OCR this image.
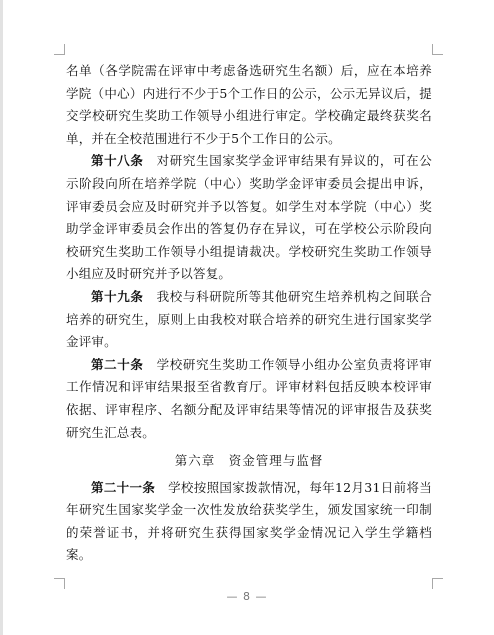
名单（各学院需在评审中考虑备选研究生名额）后，应在本培养学院（中心）内进行不少于5个工作日的公示，公示无异议后，提交学校研究生奖助工作领导小组进行审定。学校确定最终获奖名单，并在全校范围进行不少于5个工作日的公示。

第十八条　 对研究生国家奖学金评审结果有异议的，可在公示阶段向所在培养学院（中心）奖助学金评审委员会提出申诉，评审委员会应及时研究并予以答复。如学生对本学院（中心）奖助学金评审委员会作出的答复仍存在异议，可在学校公示阶段向校研究生奖助工作领导小组提请裁决。学校研究生奖助工作领导小组应及时研究并予以答复。

第十九条　 我校与科研院所等其他研究生培养机构之间联合培养的研究生，原则上由我校对联合培养的研究生进行国家奖学金评审。

第二十条　 学校研究生奖助工作领导小组办公室负责将评审工作情况和评审结果报至省教育厅。评审材料包括反映本校评审依据、评审程序、名额分配及评审结果等情况的评审报告及获奖研究生汇总表。

第六章　资金管理与监督

第二十一条　 学校按照国家拨款情况，每年12月31日前将当年研究生国家奖学金一次性发放给获奖学生，颁发国家统一印制的荣誉证书，并将研究生获得国家奖学金情况记入学生学籍档案。

— 8 —
